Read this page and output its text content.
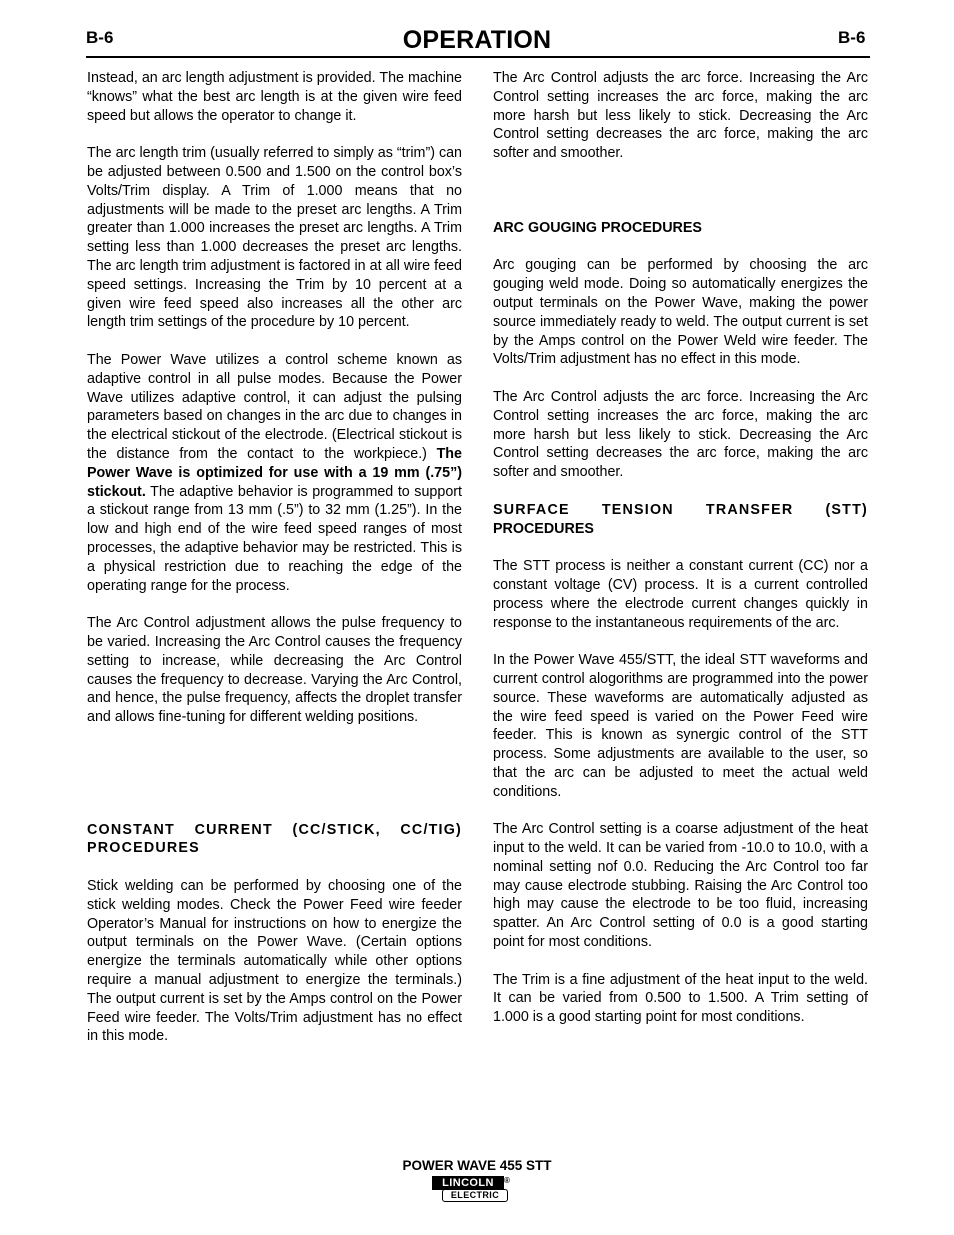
B-6	OPERATION	B-6

Instead, an arc length adjustment is provided. The machine “knows” what the best arc length is at the given wire feed speed but allows the operator to change it.

The arc length trim (usually referred to simply as “trim”) can be adjusted between 0.500 and 1.500 on the control box’s Volts/Trim display. A Trim of 1.000 means that no adjustments will be made to the preset arc lengths. A Trim greater than 1.000 increases the preset arc lengths. A Trim setting less than 1.000 decreases the preset arc lengths. The arc length trim adjustment is factored in at all wire feed speed settings. Increasing the Trim by 10 percent at a given wire feed speed also increases all the other arc length trim settings of the procedure by 10 percent.

The Power Wave utilizes a control scheme known as adaptive control in all pulse modes. Because the Power Wave utilizes adaptive control, it can adjust the pulsing parameters based on changes in the arc due to changes in the electrical stickout of the electrode. (Electrical stickout is the distance from the contact to the workpiece.) The Power Wave is optimized for use with a 19 mm (.75”) stickout. The adaptive behavior is programmed to support a stickout range from 13 mm (.5”) to 32 mm (1.25”). In the low and high end of the wire feed speed ranges of most processes, the adaptive behavior may be restricted. This is a physical restriction due to reaching the edge of the operating range for the process.

The Arc Control adjustment allows the pulse frequency to be varied. Increasing the Arc Control causes the frequency setting to increase, while decreasing the Arc Control causes the frequency to decrease. Varying the Arc Control, and hence, the pulse frequency, affects the droplet transfer and allows fine-tuning for different welding positions.

CONSTANT CURRENT (CC/STICK, CC/TIG) PROCEDURES

Stick welding can be performed by choosing one of the stick welding modes. Check the Power Feed wire feeder Operator’s Manual for instructions on how to energize the output terminals on the Power Wave. (Certain options energize the terminals automatically while other options require a manual adjustment to energize the terminals.) The output current is set by the Amps control on the Power Feed wire feeder. The Volts/Trim adjustment has no effect in this mode.

The Arc Control adjusts the arc force. Increasing the Arc Control setting increases the arc force, making the arc more harsh but less likely to stick. Decreasing the Arc Control setting decreases the arc force, making the arc softer and smoother.

ARC GOUGING PROCEDURES

Arc gouging can be performed by choosing the arc gouging weld mode. Doing so automatically energizes the output terminals on the Power Wave, making the power source immediately ready to weld. The output current is set by the Amps control on the Power Weld wire feeder. The Volts/Trim adjustment has no effect in this mode.

The Arc Control adjusts the arc force. Increasing the Arc Control setting increases the arc force, making the arc more harsh but less likely to stick. Decreasing the Arc Control setting decreases the arc force, making the arc softer and smoother.

SURFACE TENSION TRANSFER (STT)
PROCEDURES

The STT process is neither a constant current (CC) nor a constant voltage (CV) process. It is a current controlled process where the electrode current changes quickly in response to the instantaneous requirements of the arc.

In the Power Wave 455/STT, the ideal STT waveforms and current control alogorithms are programmed into the power source. These waveforms are automatically adjusted as the wire feed speed is varied on the Power Feed wire feeder. This is known as synergic control of the STT process. Some adjustments are available to the user, so that the arc can be adjusted to meet the actual weld conditions.

The Arc Control setting is a coarse adjustment of the heat input to the weld. It can be varied from -10.0 to 10.0, with a nominal setting nof 0.0. Reducing the Arc Control too far may cause electrode stubbing. Raising the Arc Control too high may cause the electrode to be too fluid, increasing spatter. An Arc Control setting of 0.0 is a good starting point for most conditions.

The Trim is a fine adjustment of the heat input to the weld. It can be varied from 0.500 to 1.500. A Trim setting of 1.000 is a good starting point for most conditions.

POWER WAVE 455 STT
LINCOLN	®
ELECTRIC
